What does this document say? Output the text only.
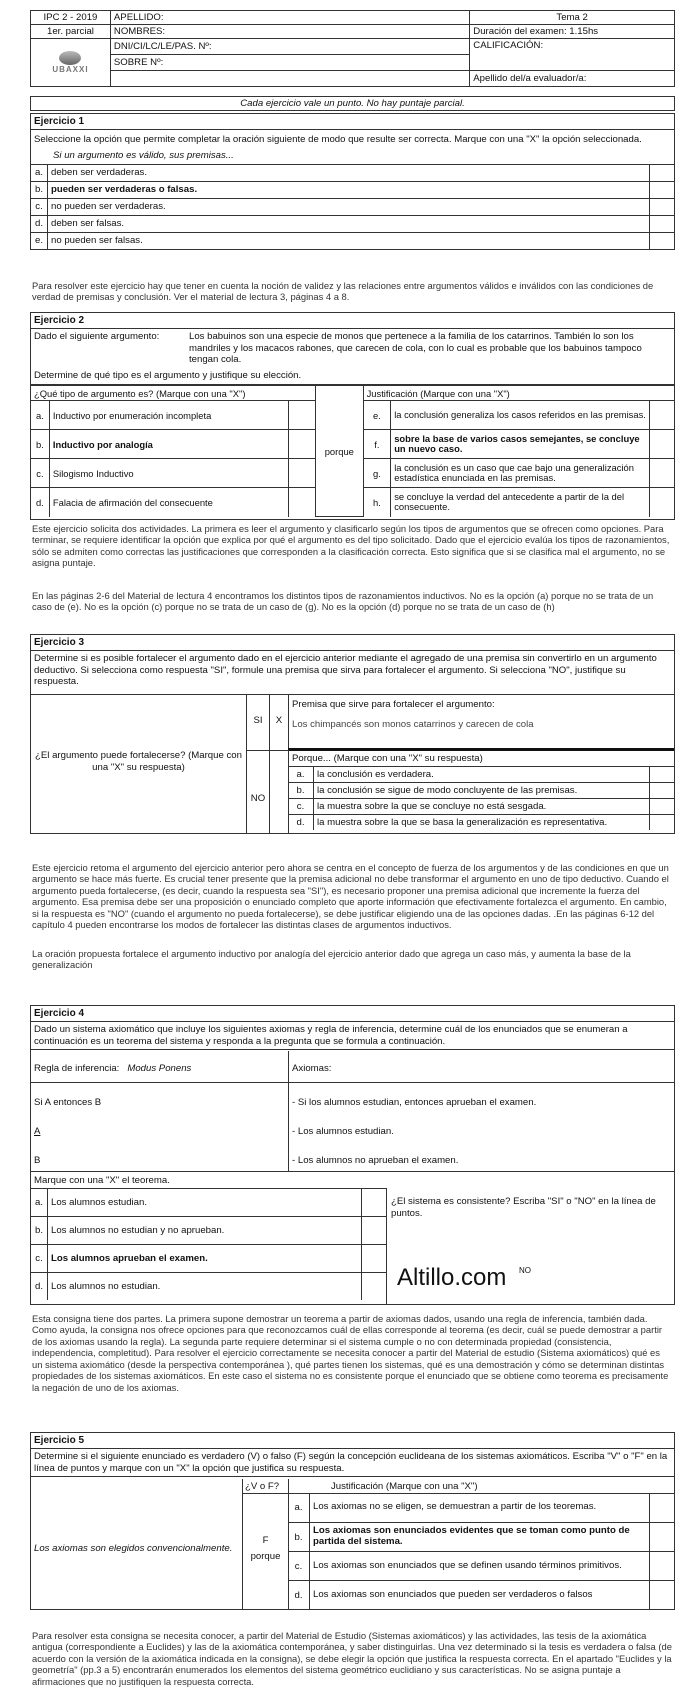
IPC 2 - 2019	APELLIDO:	Tema 2
1er. parcial	NOMBRES:	Duración del examen: 1.15hs

UBAXXI	DNI/CI/LC/LE/PAS. Nº:	CALIFICACIÓN:
	SOBRE Nº:	
		Apellido del/a evaluador/a:
Cada ejercicio vale un punto. No hay puntaje parcial.
Ejercicio 1
Seleccione la opción que permite completar la oración siguiente de modo que resulte ser correcta. Marque con una "X" la opción seleccionada.
Si un argumento es válido, sus premisas...
a. deben ser verdaderas.
b. pueden ser verdaderas o falsas.
c. no pueden ser verdaderas.
d. deben ser falsas.
e. no pueden ser falsas.
Para resolver este ejercicio hay que tener en cuenta la noción de validez y las relaciones entre argumentos válidos e inválidos con las condiciones de verdad de premisas y conclusión. Ver el material de lectura 3, páginas 4 a 8.
Ejercicio 2
Dado el siguiente argumento:	Los babuinos son una especie de monos que pertenece a la familia de los catarrinos. También lo son los mandriles y los macacos rabones, que carecen de cola, con lo cual es probable que los babuinos tampoco tengan cola.
Determine de qué tipo es el argumento y justifique su elección.
¿Qué tipo de argumento es? (Marque con una "X")			porque	Justificación (Marque con una "X")		
a.	Inductivo por enumeración incompleta			e.	la conclusión generaliza los casos referidos en las premisas.	
b.	Inductivo por analogía			f.	sobre la base de varios casos semejantes, se concluye un nuevo caso.	
c.	Silogismo Inductivo			g.	la conclusión es un caso que cae bajo una generalización estadística enunciada en las premisas.	
d.	Falacia de afirmación del consecuente			h.	se concluye la verdad del antecedente a partir de la del consecuente.	
Este ejercicio solicita dos actividades. La primera es leer el argumento y clasificarlo según los tipos de argumentos que se ofrecen como opciones. Para terminar, se requiere identificar la opción que explica por qué el argumento es del tipo solicitado. Dado que el ejercicio evalúa los tipos de razonamientos, sólo se admiten como correctas las justificaciones que corresponden a la clasificación correcta. Esto significa que si se clasifica mal el argumento, no se asigna puntaje.
En las páginas 2-6 del Material de lectura 4 encontramos los distintos tipos de razonamientos inductivos. No es la opción (a) porque no se trata de un caso de (e). No es la opción (c) porque no se trata de un caso de (g). No es la opción (d) porque no se trata de un caso de (h)
Ejercicio 3
Determine si es posible fortalecer el argumento dado en el ejercicio anterior mediante el agregado de una premisa sin convertirlo en un argumento deductivo. Si selecciona como respuesta "SI", formule una premisa que sirva para fortalecer el argumento. Si selecciona "NO", justifique su respuesta.
¿El argumento puede fortalecerse? (Marque con una "X" su respuesta)
SI	X
Premisa que sirve para fortalecer el argumento:
Los chimpancés son monos catarrinos y carecen de cola
NO
Porque... (Marque con una "X" su respuesta)
a.	la conclusión es verdadera.
b.	la conclusión se sigue de modo concluyente de las premisas.
c.	la muestra sobre la que se concluye no está sesgada.
d.	la muestra sobre la que se basa la generalización es representativa.
Este ejercicio retoma el argumento del ejercicio anterior pero ahora se centra en el concepto de fuerza de los argumentos y de las condiciones en que un argumento se hace más fuerte. Es crucial tener presente que la premisa adicional no debe transformar el argumento en uno de tipo deductivo. Cuando el argumento pueda fortalecerse, (es decir, cuando la respuesta sea "SI"), es necesario proponer una premisa adicional que incremente la fuerza del argumento. Esa premisa debe ser una proposición o enunciado completo que aporte información que efectivamente fortalezca el argumento. En cambio, si la respuesta es "NO" (cuando el argumento no pueda fortalecerse), se debe justificar eligiendo una de las opciones dadas. .En las páginas 6-12 del capítulo 4 pueden encontrarse los modos de fortalecer las distintas clases de argumentos inductivos.
La oración propuesta fortalece el argumento inductivo por analogía del ejercicio anterior dado que agrega un caso más, y aumenta la base de la generalización
Ejercicio 4
Dado un sistema axiomático que incluye los siguientes axiomas y regla de inferencia, determine cuál de los enunciados que se enumeran a continuación es un teorema del sistema y responda a la pregunta que se formula a continuación.
Regla de inferencia: Modus Ponens	Axiomas:
Si A entonces B
A
B
- Si los alumnos estudian, entonces aprueban el examen.
- Los alumnos estudian.
- Los alumnos no aprueban el examen.
Marque con una "X" el teorema.
a. Los alumnos estudian.
b. Los alumnos no estudian y no aprueban.
c. Los alumnos aprueban el examen.
d. Los alumnos no estudian.
¿El sistema es consistente? Escriba "SI" o "NO" en la línea de puntos.
Altillo.com NO
Esta consigna tiene dos partes. La primera supone demostrar un teorema a partir de axiomas dados, usando una regla de inferencia, también dada. Como ayuda, la consigna nos ofrece opciones para que reconozcamos cuál de ellas corresponde al teorema (es decir, cuál se puede demostrar a partir de los axiomas usando la regla). La segunda parte requiere determinar si el sistema cumple o no con determinada propiedad (consistencia, independencia, completitud). Para resolver el ejercicio correctamente se necesita conocer a partir del Material de estudio (Sistema axiomáticos) qué es un sistema axiomático (desde la perspectiva contemporánea ), qué partes tienen los sistemas, qué es una demostración y cómo se determinan distintas propiedades de los sistemas axiomáticos. En este caso el sistema no es consistente porque el enunciado que se obtiene como teorema es precisamente la negación de uno de los axiomas.
Ejercicio 5
Determine si el siguiente enunciado es verdadero (V) o falso (F) según la concepción euclideana de los sistemas axiomáticos. Escriba "V" o "F" en la línea de puntos y marque con un "X" la opción que justifica su respuesta.
¿V o F?	Justificación (Marque con una "X")
Los axiomas son elegidos convencionalmente.
F
porque
a.	Los axiomas no se eligen, se demuestran a partir de los teoremas.
b.
Los axiomas son enunciados evidentes que se toman como punto de partida del sistema.
c.	Los axiomas son enunciados que se definen usando términos primitivos.
d.	Los axiomas son enunciados que pueden ser verdaderos o falsos
Para resolver esta consigna se necesita conocer, a partir del Material de Estudio (Sistemas axiomáticos) y las actividades, las tesis de la axiomática antigua (correspondiente a Euclides) y las de la axiomática contemporánea, y saber distinguirlas. Una vez determinado si la tesis es verdadera o falsa (de acuerdo con la versión de la axiomática indicada en la consigna), se debe elegir la opción que justifica la respuesta correcta. En el apartado "Euclides y la geometría" (pp.3 a 5) encontrarán enumerados los elementos del sistema geométrico euclidiano y sus características. No se asigna puntaje a afirmaciones que no justifiquen la respuesta correcta.
